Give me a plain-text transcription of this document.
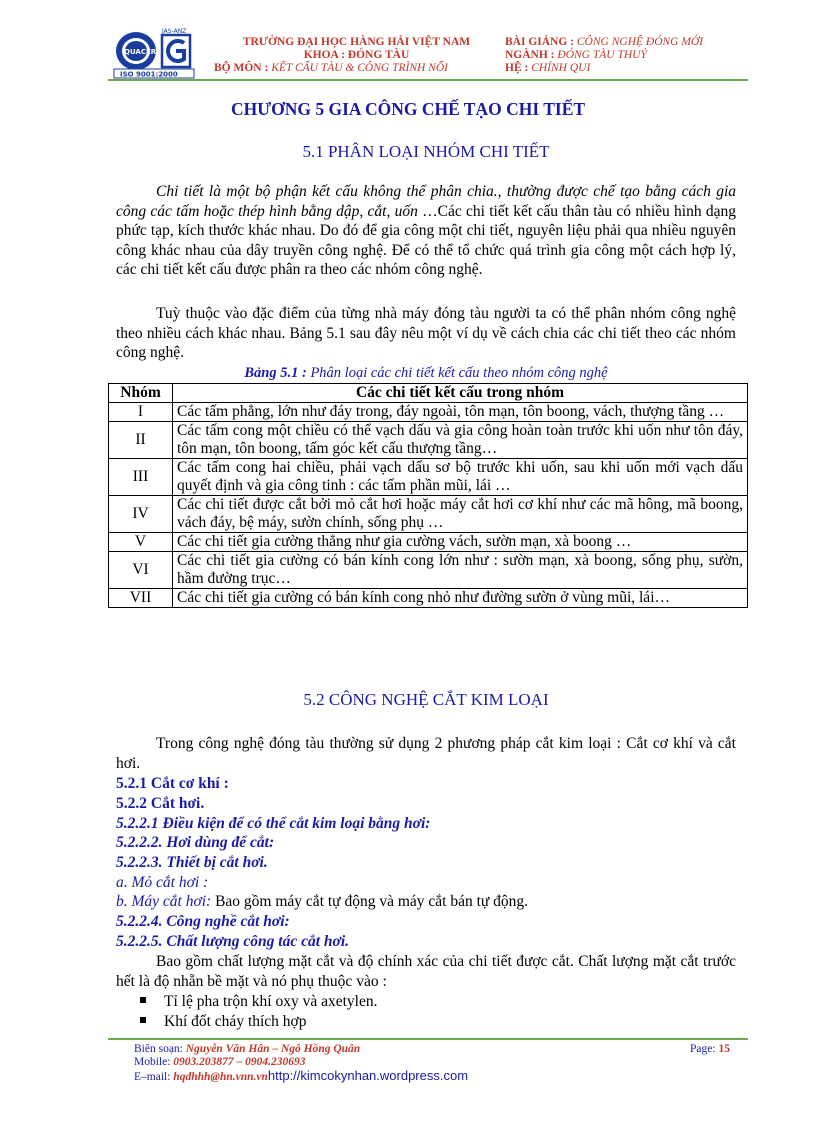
QUACERT
JAS-ANZ
ISO 9001:2000
TRƯỜNG ĐẠI HỌC HÀNG HẢI VIỆT NAM
KHOA : ĐÓNG TÀU
BỘ MÔN : KẾT CẤU TÀU & CÔNG TRÌNH NỔI
BÀI GIẢNG : CÔNG NGHỆ ĐÓNG MỚI
NGÀNH : ĐÓNG TÀU THUỶ
HỆ : CHÍNH QUI
CHƯƠNG 5 GIA CÔNG CHẾ TẠO CHI TIẾT
5.1 PHÂN LOẠI NHÓM CHI TIẾT
Chi tiết là một bộ phận kết cấu không thể phân chia., thường được chế tạo bằng cách gia công các tấm hoặc thép hình bằng dập, cắt, uốn …Các chi tiết kết cấu thân tàu có nhiều hình dạng phức tạp, kích thước khác nhau. Do đó để gia công một chi tiết, nguyên liệu phải qua nhiều nguyên công khác nhau của dây truyền công nghệ. Để có thể tổ chức quá trình gia công một cách hợp lý, các chi tiết kết cấu được phân ra theo các nhóm công nghệ.
Tuỳ thuộc vào đặc điểm của từng nhà máy đóng tàu người ta có thể phân nhóm công nghệ theo nhiều cách khác nhau. Bảng 5.1 sau đây nêu một ví dụ về cách chia các chi tiết theo các nhóm công nghệ.
Bảng 5.1 : Phân loại các chi tiết kết cấu theo nhóm công nghệ
Nhóm	Các chi tiết kết cấu trong nhóm
I	Các tấm phẳng, lớn như đáy trong, đáy ngoài, tôn mạn, tôn boong, vách, thượng tầng …
II	Các tấm cong một chiều có thể vạch dấu và gia công hoàn toàn trước khi uốn như tôn đáy, tôn mạn, tôn boong, tấm góc kết cấu thượng tầng…
III	Các tấm cong hai chiều, phải vạch dấu sơ bộ trước khi uốn, sau khi uốn mới vạch dấu quyết định và gia công tinh : các tấm phần mũi, lái …
IV	Các chi tiết được cắt bởi mỏ cắt hơi hoặc máy cắt hơi cơ khí như các mã hông, mã boong, vách đáy, bệ máy, sườn chính, sống phụ …
V	Các chi tiết gia cường thẳng như gia cường vách, sườn mạn, xà boong …
VI	Các chi tiết gia cường có bán kính cong lớn như : sườn mạn, xà boong, sống phụ, sườn, hầm đường trục…
VII	Các chi tiết gia cường có bán kính cong nhỏ như đường sườn ở vùng mũi, lái…
5.2 CÔNG NGHỆ CẮT KIM LOẠI
Trong công nghệ đóng tàu thường sử dụng 2 phương pháp cắt kim loại : Cắt cơ khí và cắt hơi.
5.2.1 Cắt cơ khí :
5.2.2 Cắt hơi.
5.2.2.1 Điều kiện để có thể cắt kim loại bằng hơi:
5.2.2.2. Hơi dùng để cắt:
5.2.2.3. Thiết bị cắt hơi.
a. Mỏ cắt hơi :
b. Máy cắt hơi: Bao gồm máy cắt tự động và máy cắt bán tự động.
5.2.2.4. Công nghề cắt hơi:
5.2.2.5. Chất lượng công tác cắt hơi.
Bao gồm chất lượng mặt cắt và độ chính xác của chi tiết được cắt. Chất lượng mặt cắt trước hết là độ nhẵn bề mặt và nó phụ thuộc vào :
Tỉ lệ pha trộn khí oxy và axetylen.
Khí đốt cháy thích hợp
Biên soạn: Nguyễn Văn Hân – Ngô Hồng Quân
Mobile: 0903.203877 – 0904.230693
E–mail: hqdhhh@hn.vnn.vnhttp://kimcokynhan.wordpress.com
Page: 15
